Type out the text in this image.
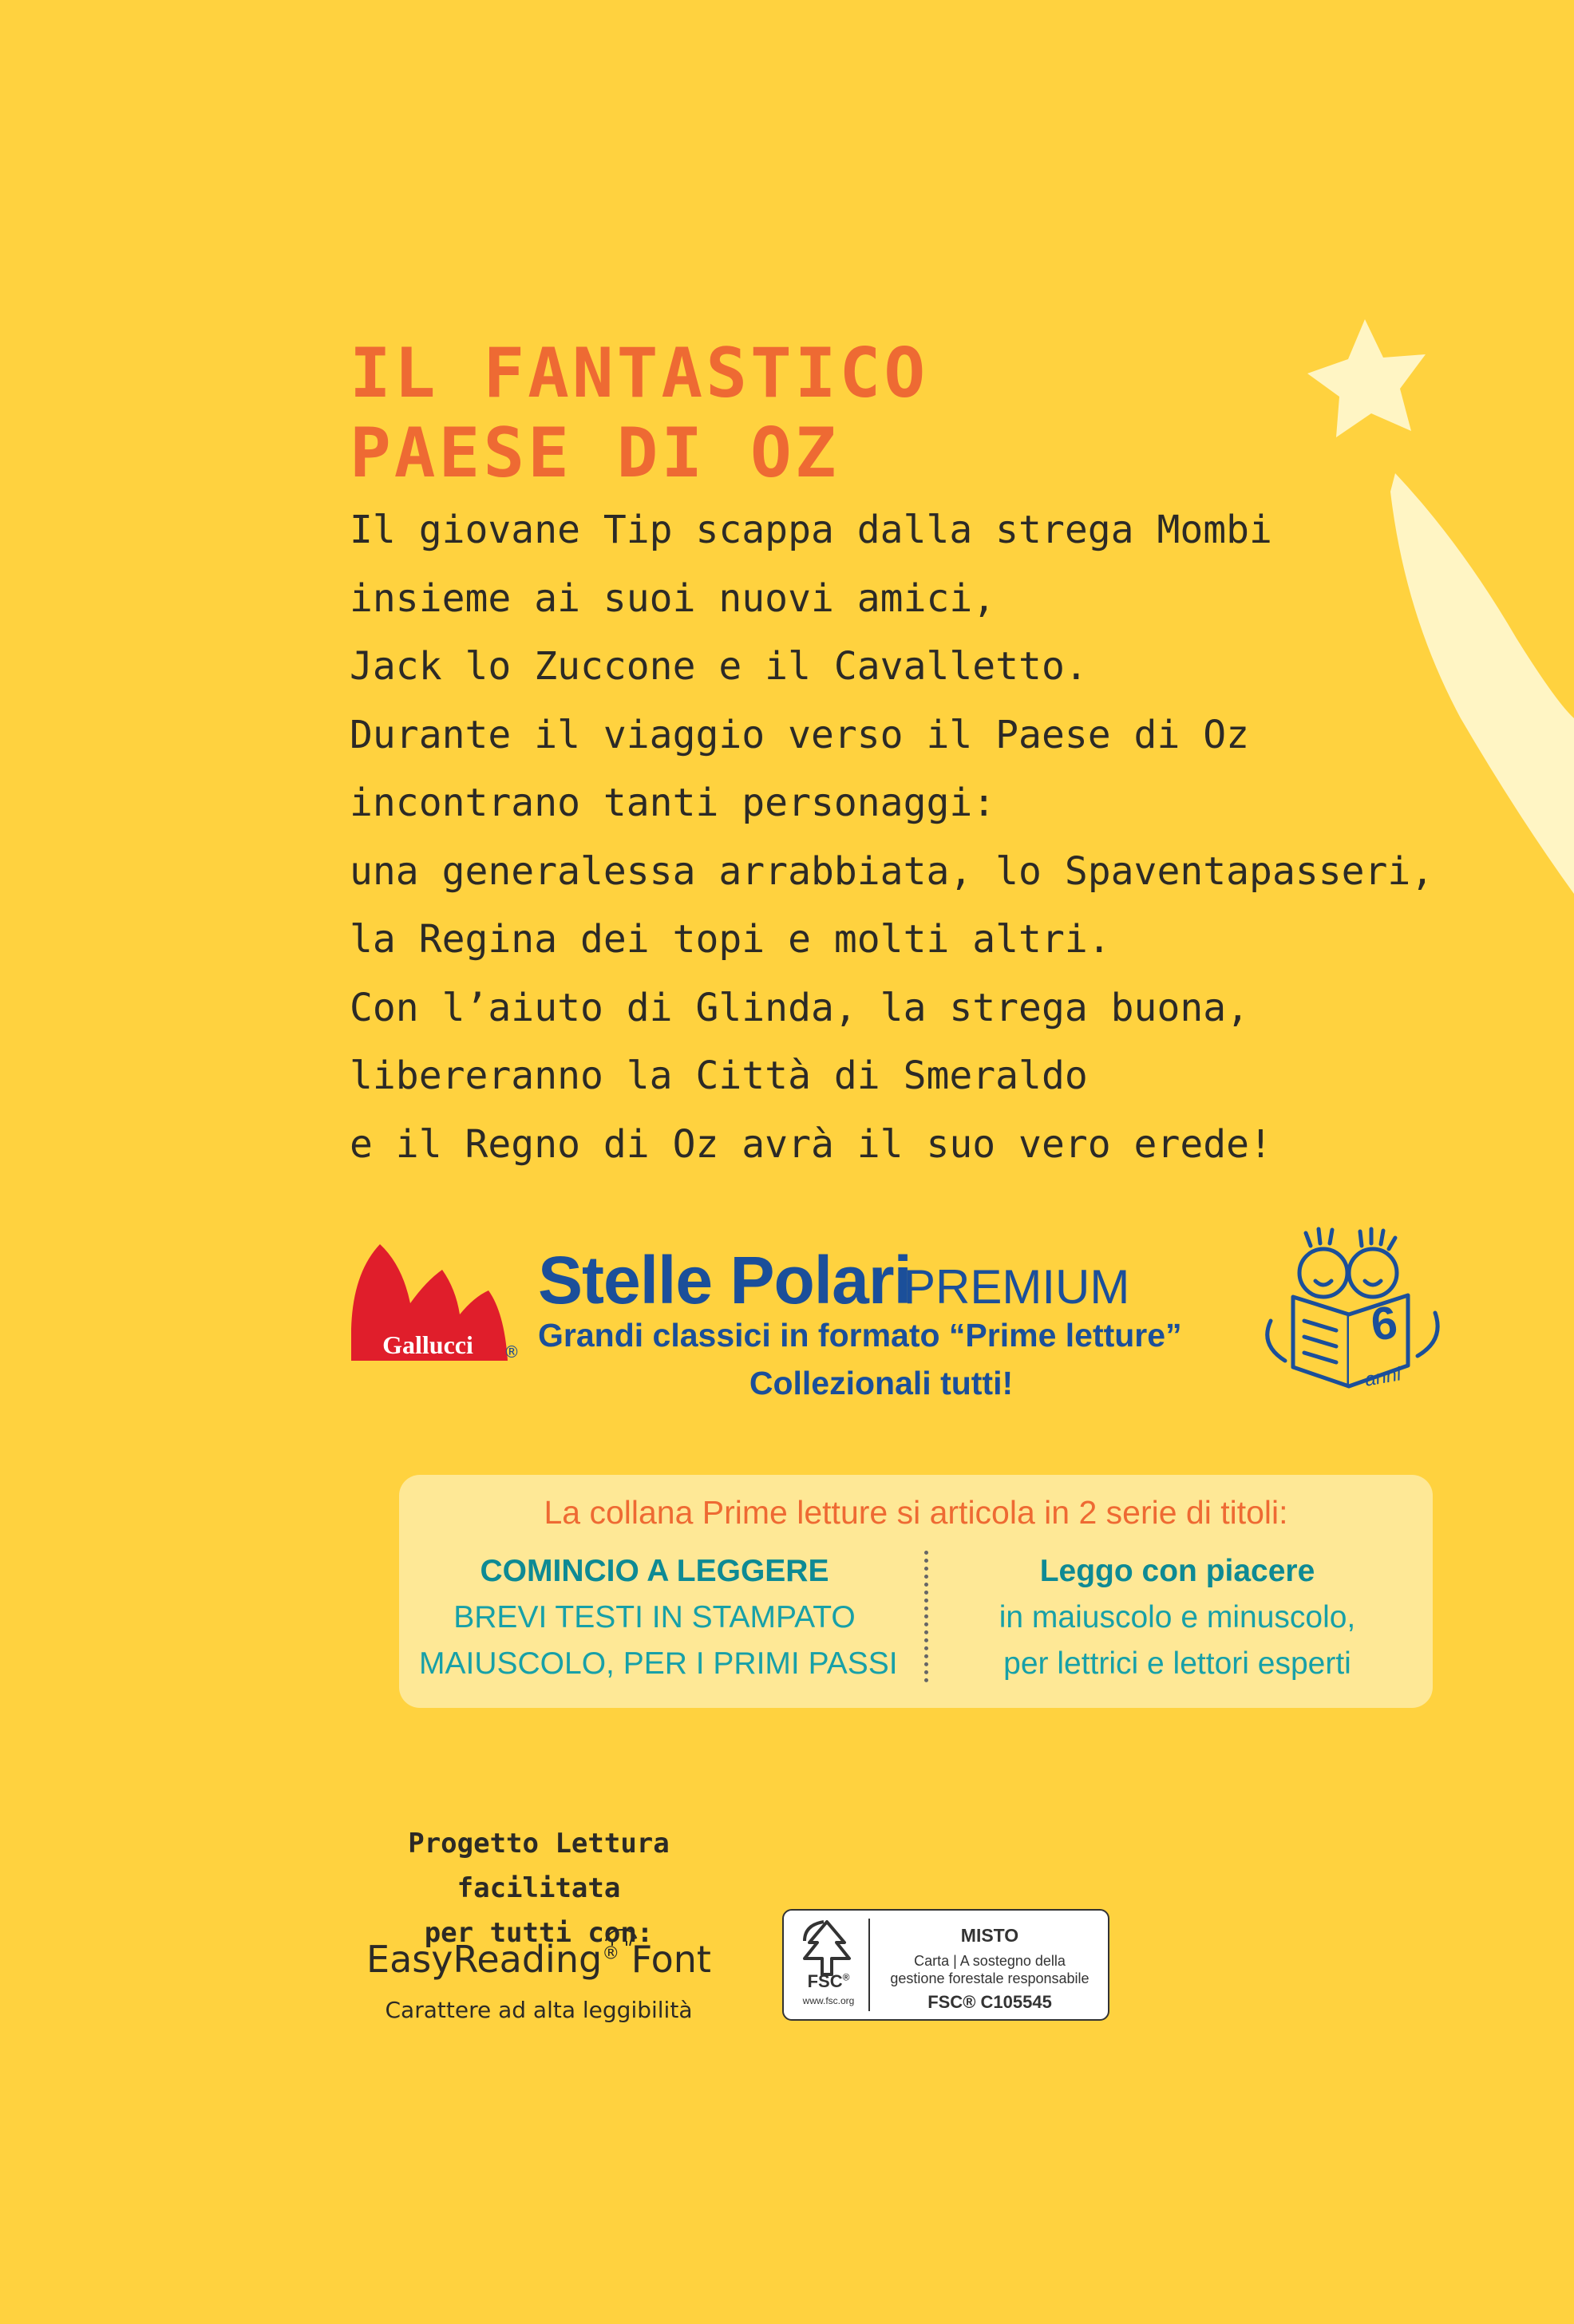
IL FANTASTICO
PAESE DI OZ
Il giovane Tip scappa dalla strega Mombi
insieme ai suoi nuovi amici,
Jack lo Zuccone e il Cavalletto.
Durante il viaggio verso il Paese di Oz
incontrano tanti personaggi:
una generalessa arrabbiata, lo Spaventapasseri,
la Regina dei topi e molti altri.
Con l’aiuto di Glinda, la strega buona,
libereranno la Città di Smeraldo
e il Regno di Oz avrà il suo vero erede!
Gallucci	®
Stelle Polari
PREMIUM
Grandi classici in formato “Prime letture”
Collezionali tutti!
6
anni
La collana Prime letture si articola in 2 serie di titoli:
COMINCIO A LEGGERE
BREVI TESTI IN STAMPATO
MAIUSCOLO, PER I PRIMI PASSI
Leggo con piacere
in maiuscolo e minuscolo,
per lettrici e lettori esperti
Progetto Lettura facilitata
per tutti con:
EasyReading® Font
Carattere ad alta leggibilità
FSC®
www.fsc.org
MISTO
Carta | A sostegno della
gestione forestale responsabile
FSC® C105545
